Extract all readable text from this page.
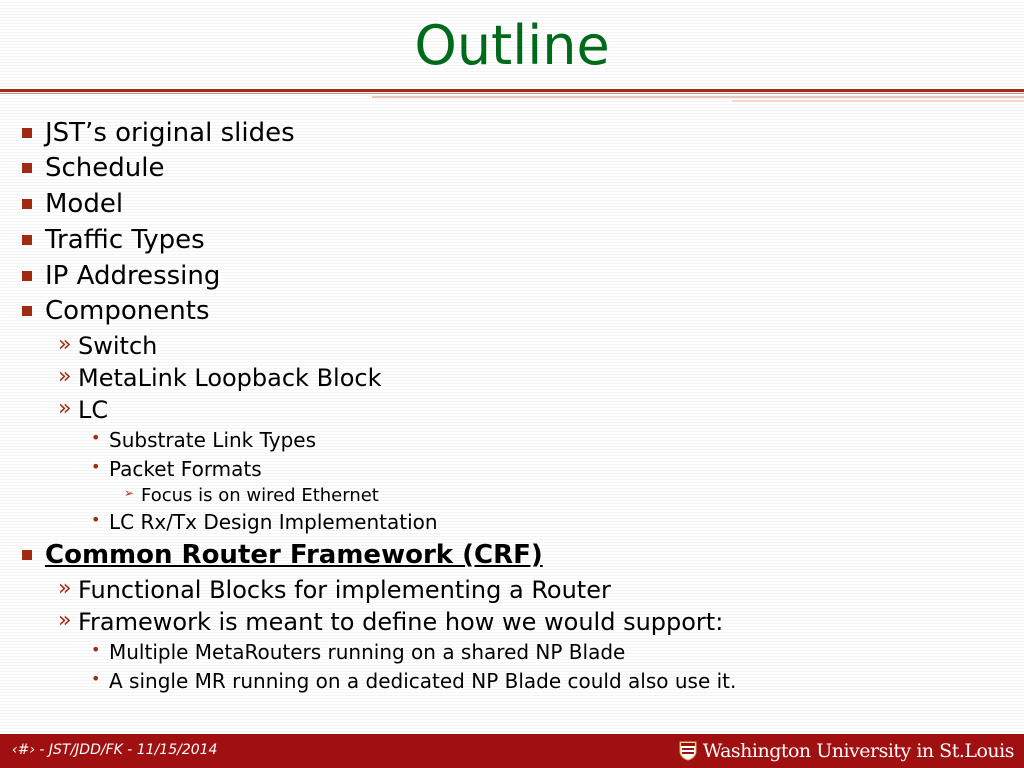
Outline
JST’s original slides
Schedule
Model
Traffic Types
IP Addressing
Components
» Switch
» MetaLink Loopback Block
» LC
• Substrate Link Types
• Packet Formats
➢ Focus is on wired Ethernet
• LC Rx/Tx Design Implementation
Common Router Framework (CRF)
» Functional Blocks for implementing a Router
» Framework is meant to define how we would support:
• Multiple MetaRouters running on a shared NP Blade
• A single MR running on a dedicated NP Blade could also use it.
‹#› - JST/JDD/FK - 11/15/2014	Washington University in St.Louis
